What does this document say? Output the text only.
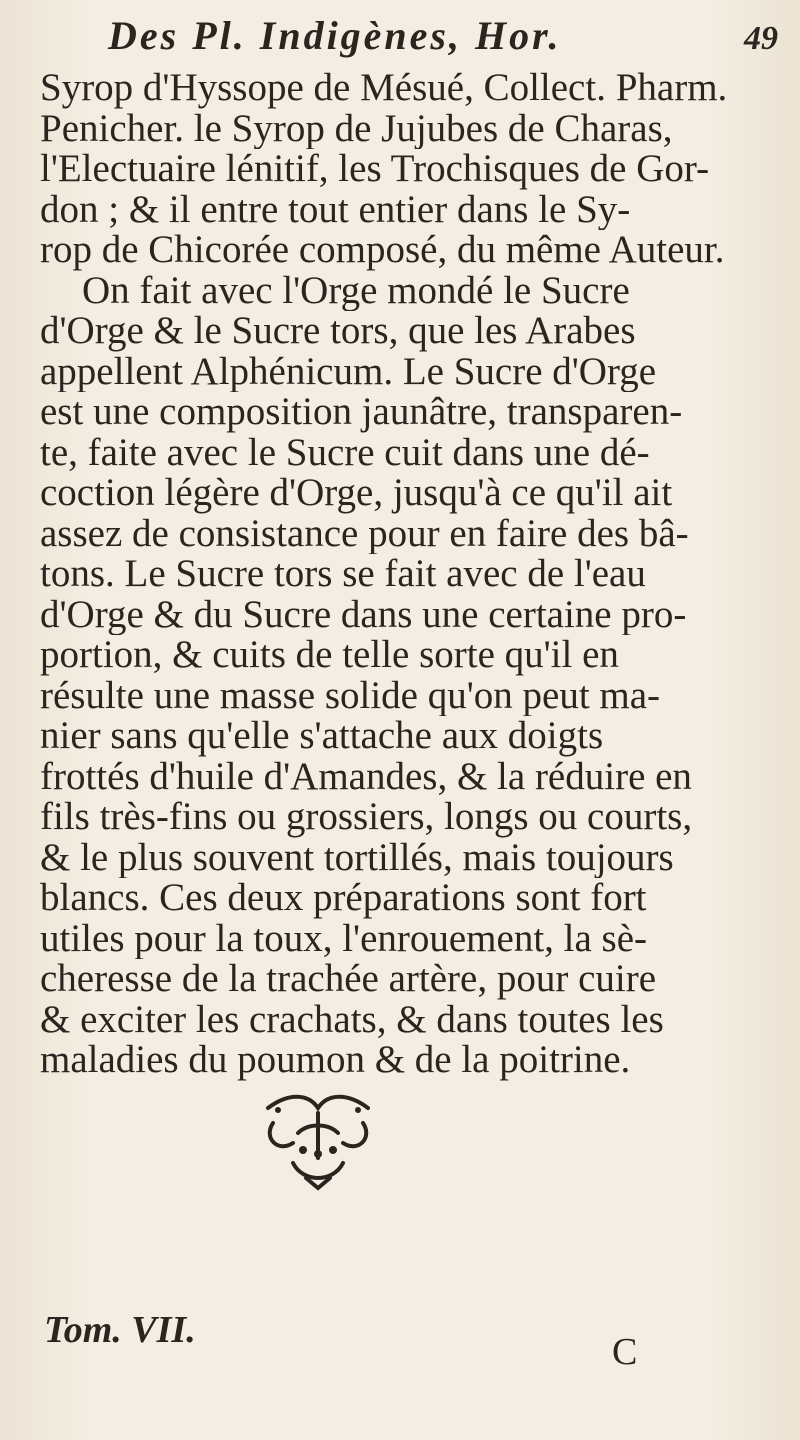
Des Pl. Indigènes, Hor.	49
Syrop d'Hyssope de Mésué, Collect. Pharm.
Penicher. le Syrop de Jujubes de Charas,
l'Electuaire lénitif, les Trochisques de Gor-
don ; & il entre tout entier dans le Sy-
rop de Chicorée composé, du même Auteur.
On fait avec l'Orge mondé le Sucre
d'Orge & le Sucre tors, que les Arabes
appellent Alphénicum. Le Sucre d'Orge
est une composition jaunâtre, transparen-
te, faite avec le Sucre cuit dans une dé-
coction légère d'Orge, jusqu'à ce qu'il ait
assez de consistance pour en faire des bâ-
tons. Le Sucre tors se fait avec de l'eau
d'Orge & du Sucre dans une certaine pro-
portion, & cuits de telle sorte qu'il en
résulte une masse solide qu'on peut ma-
nier sans qu'elle s'attache aux doigts
frottés d'huile d'Amandes, & la réduire en
fils très-fins ou grossiers, longs ou courts,
& le plus souvent tortillés, mais toujours
blancs. Ces deux préparations sont fort
utiles pour la toux, l'enrouement, la sè-
cheresse de la trachée artère, pour cuire
& exciter les crachats, & dans toutes les
maladies du poumon & de la poitrine.
Tom. VII.
C
